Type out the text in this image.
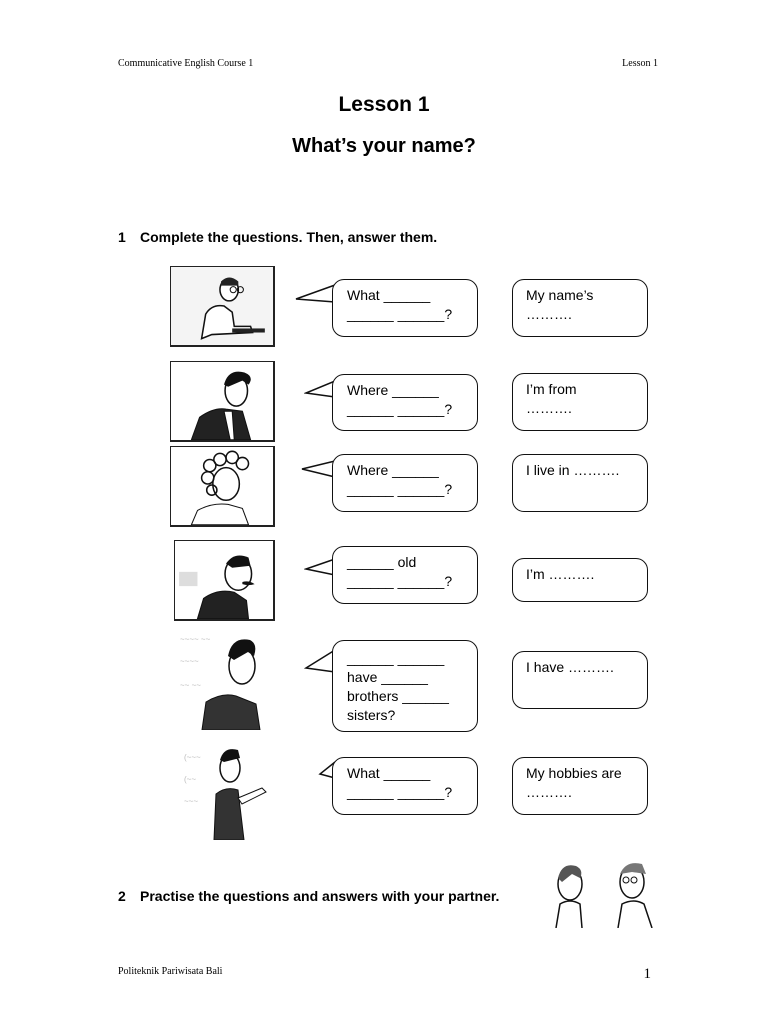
Communicative English Course 1	Lesson 1
Lesson 1
What’s your name?
1 Complete the questions. Then, answer them.
What ______
______ ______?
My name’s
……….
Where ______
______ ______?
I’m from
……….
Where ______
______ ______?
I live in ……….
______ old
______ ______?	I’m ……….
~~~~ ~~
~~~~
~~ ~~
______ ______
have ______
brothers ______
sisters?
I have ……….
(~~~
(~~
~~~
What ______
______ ______?
My hobbies are
……….
2 Practise the questions and answers with your partner.
Politeknik Pariwisata Bali	1
